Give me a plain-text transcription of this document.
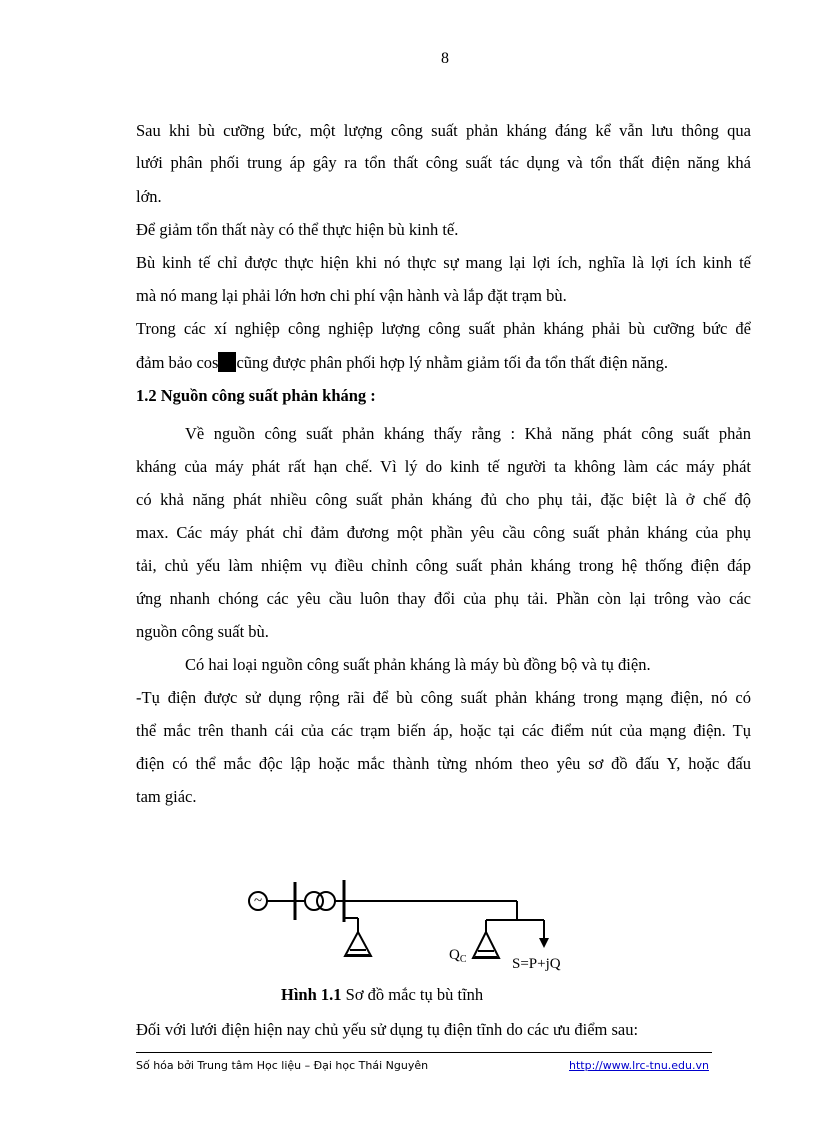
8
Sau khi bù cưỡng bức, một lượng công suất phản kháng đáng kể vẫn lưu thông qua
lưới phân phối trung áp gây ra tổn thất công suất tác dụng và tổn thất điện năng khá
lớn.
Để giảm tổn thất này có thể thực hiện bù kinh tế.
Bù kinh tế chỉ được thực hiện khi nó thực sự mang lại lợi ích, nghĩa là lợi ích kinh tế
mà nó mang lại phải lớn hơn chi phí vận hành và lắp đặt trạm bù.
Trong các xí nghiệp công nghiệp lượng công suất phản kháng phải bù cưỡng bức để
đảm bảo cos cũng được phân phối hợp lý nhằm giảm tối đa tổn thất điện năng.
1.2 Nguồn công suất phản kháng :
Về nguồn công suất phản kháng thấy rằng : Khả năng phát công suất phản
kháng của máy phát rất hạn chế. Vì lý do kinh tế người ta không làm các máy phát
có khả năng phát nhiều công suất phản kháng đủ cho phụ tải, đặc biệt là ở chế độ
max. Các máy phát chỉ đảm đương một phần yêu cầu công suất phản kháng của phụ
tải, chủ yếu làm nhiệm vụ điều chỉnh công suất phản kháng trong hệ thống điện đáp
ứng nhanh chóng các yêu cầu luôn thay đổi của phụ tải. Phần còn lại trông vào các
nguồn công suất bù.
Có hai loại nguồn công suất phản kháng là máy bù đồng bộ và tụ điện.
-Tụ điện được sử dụng rộng rãi để bù công suất phản kháng trong mạng điện, nó có
thể mắc trên thanh cái của các trạm biến áp, hoặc tại các điểm nút của mạng điện. Tụ
điện có thể mắc độc lập hoặc mắc thành từng nhóm theo yêu sơ đồ đấu Y, hoặc đấu
tam giác.
~
$Q_C$	S=P+jQ
Hình 1.1 Sơ đồ mắc tụ bù tĩnh
Đối với lưới điện hiện nay chủ yếu sử dụng tụ điện tĩnh do các ưu điểm sau:
Số hóa bởi Trung tâm Học liệu – Đại học Thái Nguyên	http://www.lrc-tnu.edu.vn
